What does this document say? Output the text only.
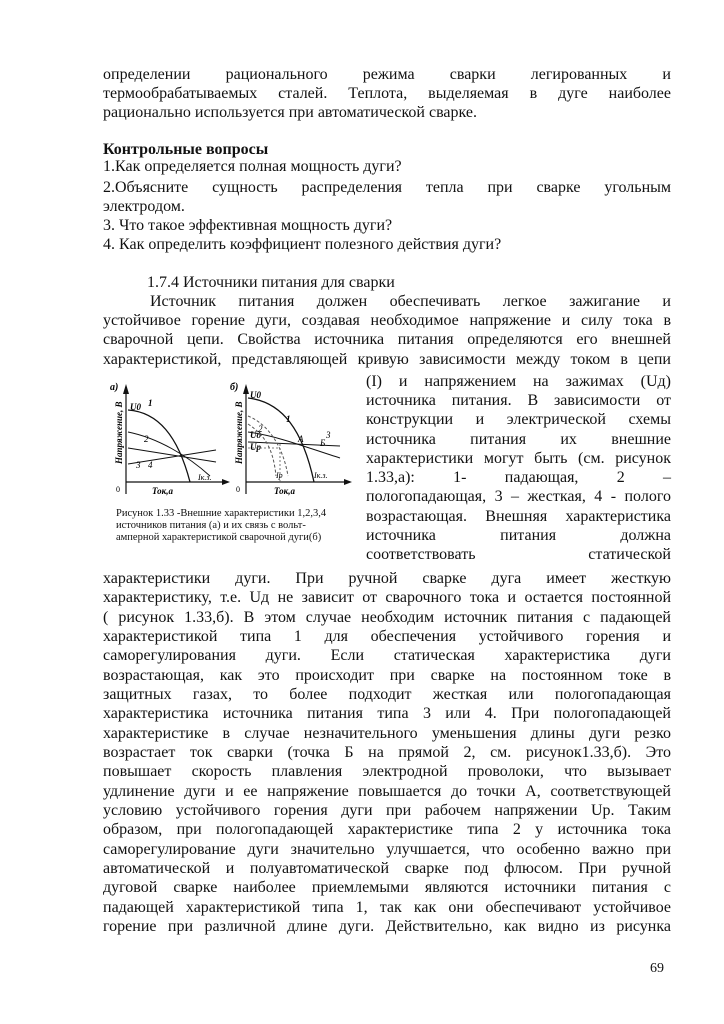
определении рационального режима сварки легированных и
термообрабатываемых сталей. Теплота, выделяемая в дуге наиболее
рационально используется при автоматической сварке.
Контрольные вопросы
1.Как определяется полная мощность дуги?
2.Объясните сущность распределения тепла при сварке угольным
электродом.
3. Что такое эффективная мощность дуги?
4. Как определить коэффициент полезного действия дуги?
1.7.4 Источники питания для сварки
Источник питания должен обеспечивать легкое зажигание и
устойчивое горение дуги, создавая необходимое напряжение и силу тока в
сварочной цепи. Свойства источника питания определяются его внешней
характеристикой, представляющей кривую зависимости между током в цепи
(I) и напряжением на зажимах (Uд)
источника питания. В зависимости от
конструкции и электрической схемы
источника питания их внешние
характеристики могут быть (см. рисунок
1.33,а): 1- падающая, 2 –
пологопадающая, 3 – жесткая, 4 - полого
возрастающая. Внешняя характеристика
источника питания должна
соответствовать статической
а)
Напряжение, В U0 1
2
3 4
Iк.з.
0	Ток,а
б)
Напряжение, В
U0
Uд
Uр
1
2
А Б
3
Iр	Iк.з.
0	Ток,а
Рисунок 1.33 -Внешние характеристики 1,2,3,4
источников питания (а) и их связь с вольт-
амперной характеристикой сварочной дуги(б)
характеристики дуги. При ручной сварке дуга имеет жесткую
характеристику, т.е. Uд не зависит от сварочного тока и остается постоянной
( рисунок 1.33,б). В этом случае необходим источник питания с падающей
характеристикой типа 1 для обеспечения устойчивого горения и
саморегулирования дуги. Если статическая характеристика дуги
возрастающая, как это происходит при сварке на постоянном токе в
защитных газах, то более подходит жесткая или пологопадающая
характеристика источника питания типа 3 или 4. При пологопадающей
характеристике в случае незначительного уменьшения длины дуги резко
возрастает ток сварки (точка Б на прямой 2, см. рисунок1.33,б). Это
повышает скорость плавления электродной проволоки, что вызывает
удлинение дуги и ее напряжение повышается до точки А, соответствующей
условию устойчивого горения дуги при рабочем напряжении Uр. Таким
образом, при пологопадающей характеристике типа 2 у источника тока
саморегулирование дуги значительно улучшается, что особенно важно при
автоматической и полуавтоматической сварке под флюсом. При ручной
дуговой сварке наиболее приемлемыми являются источники питания с
падающей характеристикой типа 1, так как они обеспечивают устойчивое
горение при различной длине дуги. Действительно, как видно из рисунка
69
